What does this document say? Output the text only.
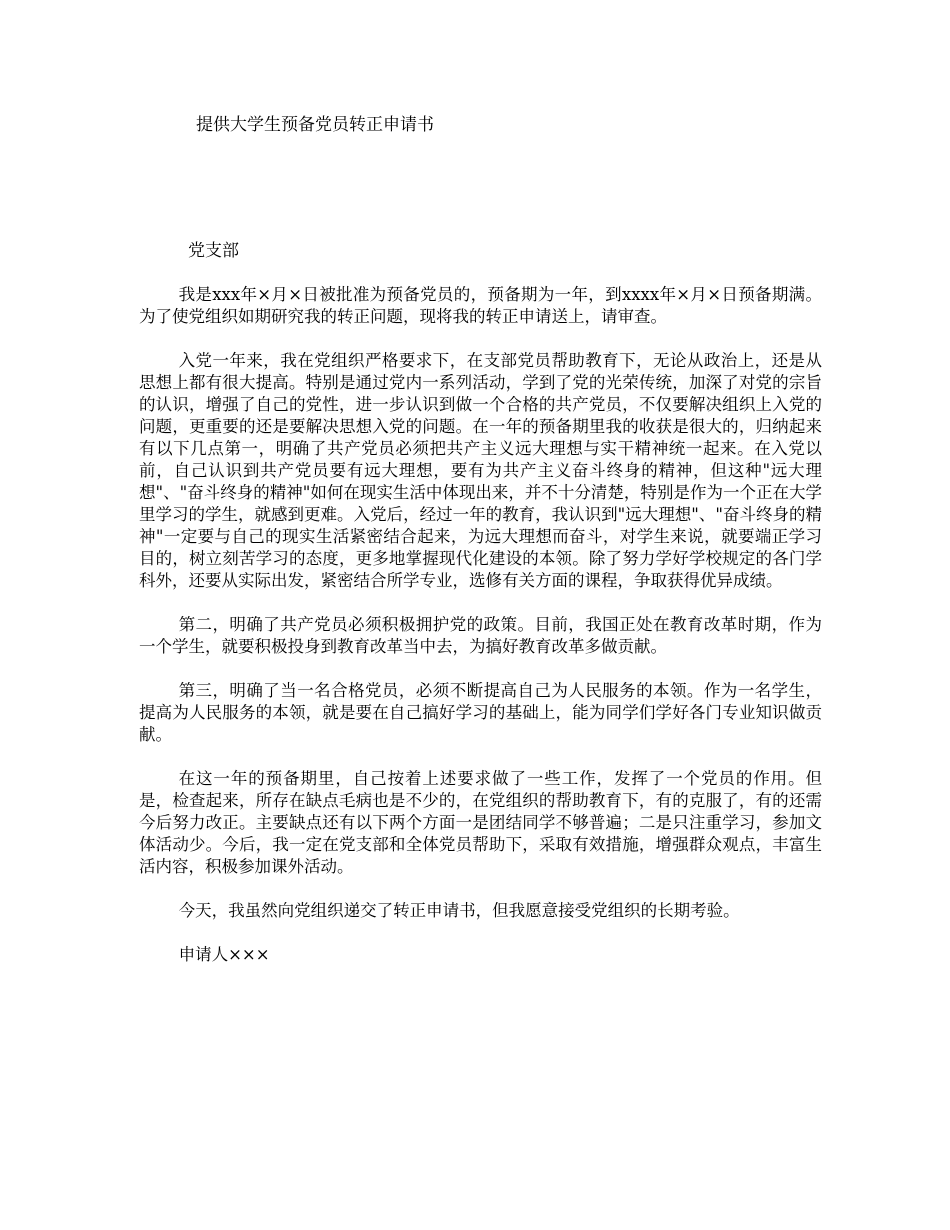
提供大学生预备党员转正申请书
党支部

我是xxx年×月×日被批准为预备党员的，预备期为一年，到xxxx年×月×日预备期满。为了使党组织如期研究我的转正问题，现将我的转正申请送上，请审查。

入党一年来，我在党组织严格要求下，在支部党员帮助教育下，无论从政治上，还是从思想上都有很大提高。特别是通过党内一系列活动，学到了党的光荣传统，加深了对党的宗旨的认识，增强了自己的党性，进一步认识到做一个合格的共产党员，不仅要解决组织上入党的问题，更重要的还是要解决思想入党的问题。在一年的预备期里我的收获是很大的，归纳起来有以下几点第一，明确了共产党员必须把共产主义远大理想与实干精神统一起来。在入党以前，自己认识到共产党员要有远大理想，要有为共产主义奋斗终身的精神，但这种"远大理想"、"奋斗终身的精神"如何在现实生活中体现出来，并不十分清楚，特别是作为一个正在大学里学习的学生，就感到更难。入党后，经过一年的教育，我认识到"远大理想"、"奋斗终身的精神"一定要与自己的现实生活紧密结合起来，为远大理想而奋斗，对学生来说，就要端正学习目的，树立刻苦学习的态度，更多地掌握现代化建设的本领。除了努力学好学校规定的各门学科外，还要从实际出发，紧密结合所学专业，选修有关方面的课程，争取获得优异成绩。

第二，明确了共产党员必须积极拥护党的政策。目前，我国正处在教育改革时期，作为一个学生，就要积极投身到教育改革当中去，为搞好教育改革多做贡献。

第三，明确了当一名合格党员，必须不断提高自己为人民服务的本领。作为一名学生，提高为人民服务的本领，就是要在自己搞好学习的基础上，能为同学们学好各门专业知识做贡献。

在这一年的预备期里，自己按着上述要求做了一些工作，发挥了一个党员的作用。但是，检查起来，所存在缺点毛病也是不少的，在党组织的帮助教育下，有的克服了，有的还需今后努力改正。主要缺点还有以下两个方面一是团结同学不够普遍；二是只注重学习，参加文体活动少。今后，我一定在党支部和全体党员帮助下，采取有效措施，增强群众观点，丰富生活内容，积极参加课外活动。

今天，我虽然向党组织递交了转正申请书，但我愿意接受党组织的长期考验。

申请人×××
